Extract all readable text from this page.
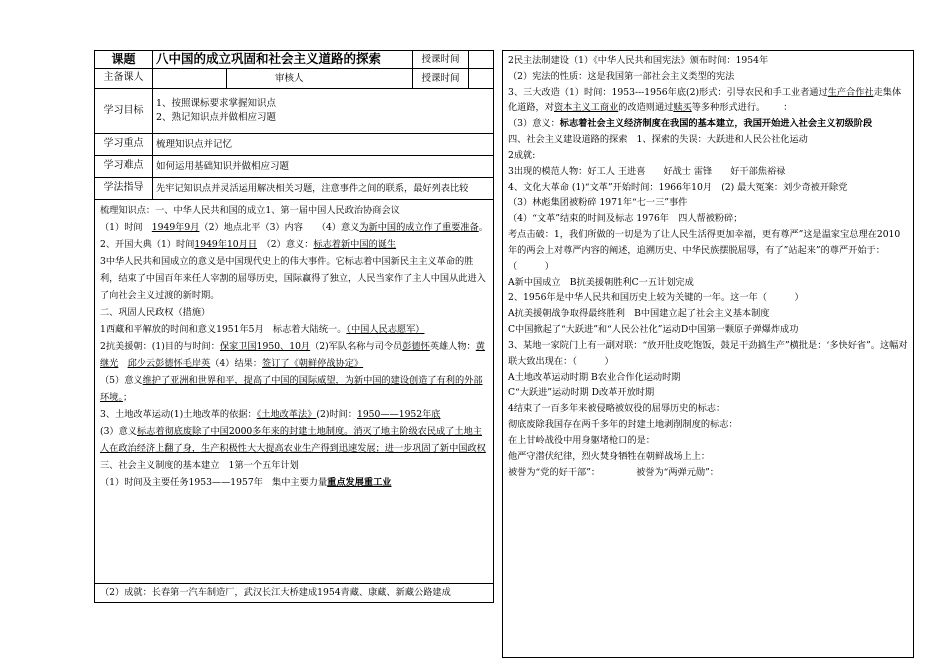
课题	八中国的成立巩固和社会主义道路的探索	授课时间
主备课人	审核人	授课时间
学习目标
1、按照课标要求掌握知识点
2、熟记知识点并做相应习题
学习重点	梳理知识点并记忆
学习难点	如何运用基础知识并做相应习题
学法指导	先牢记知识点并灵活运用解决相关习题，注意事件之间的联系，最好列表比较

梳理知识点：一、中华人民共和国的成立1、第一届中国人民政治协商会议

（1）时间　 1949年9月（2）地点北平（3）内容　　 （4）意义为新中国的成立作了重要准备。

2、开国大典（1）时间1949年10月日　 （2）意义：标志着新中国的诞生

3中华人民共和国成立的意义是中国现代史上的伟大事件。它标志着中国新民主主义革命的胜利，结束了中国百年来任人宰割的屈辱历史，国际赢得了独立，人民当家作了主人中国从此进入了向社会主义过渡的新时期。

二、巩固人民政权（措施）

1西藏和平解放的时间和意义1951年5月　 标志着大陆统一。（中国人民志愿军）

2抗美援朝：(1)目的与时间：保家卫国1950、10月（2)军队名称与司令员彭德怀英雄人物：黄继光　 邱少云彭德怀毛岸英（4）结果：签订了《朝鲜停战协定》

（5）意义维护了亚洲和世界和平，提高了中国的国际威望，为新中国的建设创造了有利的外部环境。；

3、土地改革运动(1)土地改革的依据：《土地改革法》(2)时间：1950——1952年底

(3）意义标志着彻底废除了中国2000多年来的封建土地制度。消灭了地主阶级农民成了土地主人在政治经济上翻了身，生产积极性大大提高农业生产得到迅速发展；进一步巩固了新中国政权　　三、社会主义制度的基本建立　 1第一个五年计划

（1）时间及主要任务1953——1957年　 集中主要力量重点发展重工业

（2）成就：长春第一汽车制造厂，武汉长江大桥建成1954青藏、康藏、新藏公路建成

2民主法制建设（1）《中华人民共和国宪法》颁布时间：1954年

（2）宪法的性质：这是我国第一部社会主义类型的宪法

3、三大改造（1）时间：1953---1956年底(2)形式：引导农民和手工业者通过生产合作社走集体化道路，对资本主义工商业的改造则通过赎买等多种形式进行。 ：

（3）意义：标志着社会主义经济制度在我国的基本建立，我国开始进入社会主义初级阶段

四、社会主义建设道路的探索　 1、探索的失误：大跃进和人民公社化运动

2成就:

3出现的模范人物：好工人 王进喜 好战士 雷锋 好干部焦裕禄

4、文化大革命 (1)“文革”开始时间：1966年10月　 (2) 最大冤案：刘少奇被开除党

（3）林彪集团被粉碎 1971年“七一三”事件

（4）“文革”结束的时间及标志 1976年　四人帮被粉碎；

考点击破：1，我们所做的一切是为了让人民生活得更加幸福，更有尊严”这是温家宝总理在2010年的两会上对尊严内容的阐述，追溯历史、中华民族摆脱屈辱，有了”站起来”的尊严开始于：（　　　）

A新中国成立　 B抗美援朝胜利C一五计划完成

2、1956年是中华人民共和国历史上较为关键的一年。这一年（　　　）

A抗美援朝战争取得最终胜利　B中国建立起了社会主义基本制度

C中国掀起了“大跃进”和“人民公社化”运动D中国第一颗原子弹爆炸成功

3、某地一家院门上有一副对联：“放开肚皮吃饱饭，鼓足干劲搞生产”横批是：‘多快好省”。这幅对联大致出现在：（　　　）

A土地改革运动时期 B农业合作化运动时期

C“大跃进”运动时期 D改革开放时期

4结束了一百多年来被侵略被奴役的屈辱历史的标志：

彻底废除我国存在两千多年的封建土地剥削制度的标志：

在上甘岭战役中用身躯堵枪口的是：

他严守潜伏纪律，烈火焚身牺牲在朝鲜战场上上：

被誉为“党的好干部”：	被誉为“两弹元勋”：
